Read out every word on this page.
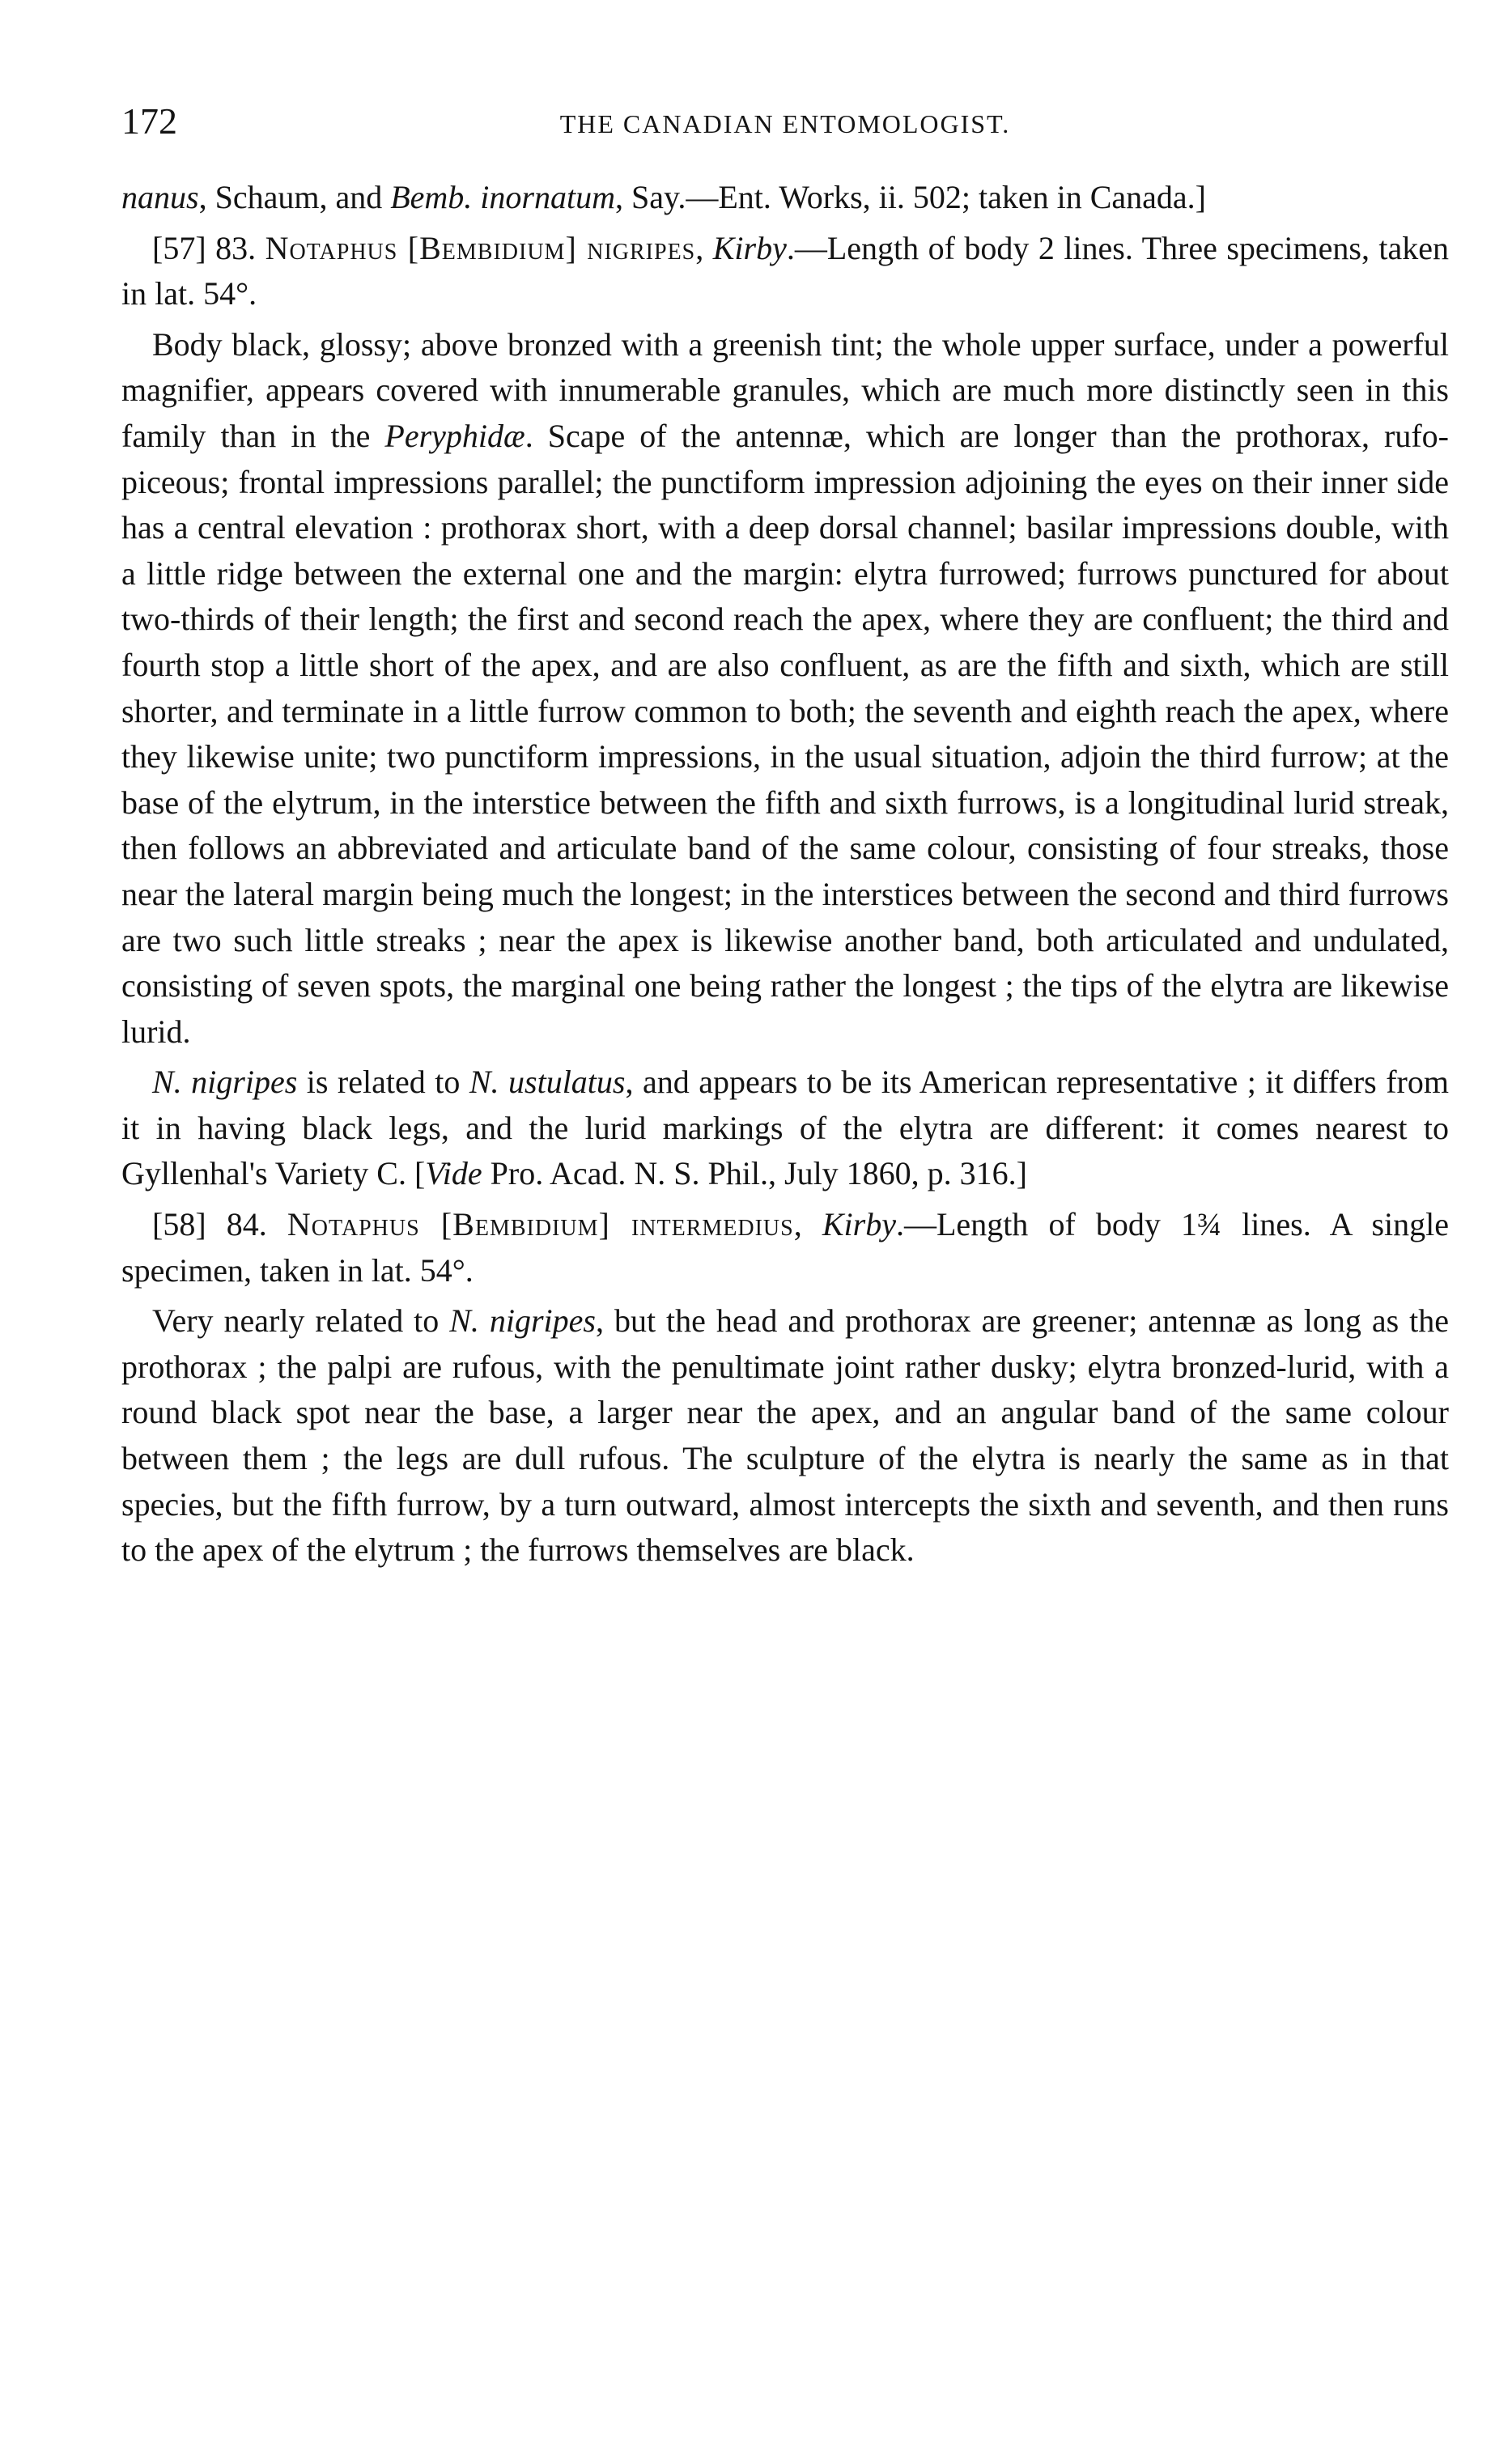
172	THE CANADIAN ENTOMOLOGIST.

nanus, Schaum, and Bemb. inornatum, Say.—Ent. Works, ii. 502; taken in Canada.]

[57] 83. Notaphus [Bembidium] nigripes, Kirby.—Length of body 2 lines. Three specimens, taken in lat. 54°.

Body black, glossy; above bronzed with a greenish tint; the whole upper surface, under a powerful magnifier, appears covered with innumerable granules, which are much more distinctly seen in this family than in the Peryphidæ. Scape of the antennæ, which are longer than the prothorax, rufo-piceous; frontal impressions parallel; the punctiform impression adjoining the eyes on their inner side has a central elevation : prothorax short, with a deep dorsal channel; basilar impressions double, with a little ridge between the external one and the margin: elytra furrowed; furrows punctured for about two-thirds of their length; the first and second reach the apex, where they are confluent; the third and fourth stop a little short of the apex, and are also confluent, as are the fifth and sixth, which are still shorter, and terminate in a little furrow common to both; the seventh and eighth reach the apex, where they likewise unite; two punctiform impressions, in the usual situation, adjoin the third furrow; at the base of the elytrum, in the interstice between the fifth and sixth furrows, is a longitudinal lurid streak, then follows an abbreviated and articulate band of the same colour, consisting of four streaks, those near the lateral margin being much the longest; in the interstices between the second and third furrows are two such little streaks ; near the apex is likewise another band, both articulated and undulated, consisting of seven spots, the marginal one being rather the longest ; the tips of the elytra are likewise lurid.

N. nigripes is related to N. ustulatus, and appears to be its American representative ; it differs from it in having black legs, and the lurid markings of the elytra are different: it comes nearest to Gyllenhal's Variety C. [Vide Pro. Acad. N. S. Phil., July 1860, p. 316.]

[58] 84. Notaphus [Bembidium] intermedius, Kirby.—Length of body 1¾ lines. A single specimen, taken in lat. 54°.

Very nearly related to N. nigripes, but the head and prothorax are greener; antennæ as long as the prothorax ; the palpi are rufous, with the penultimate joint rather dusky; elytra bronzed-lurid, with a round black spot near the base, a larger near the apex, and an angular band of the same colour between them ; the legs are dull rufous. The sculpture of the elytra is nearly the same as in that species, but the fifth furrow, by a turn outward, almost intercepts the sixth and seventh, and then runs to the apex of the elytrum ; the furrows themselves are black.
